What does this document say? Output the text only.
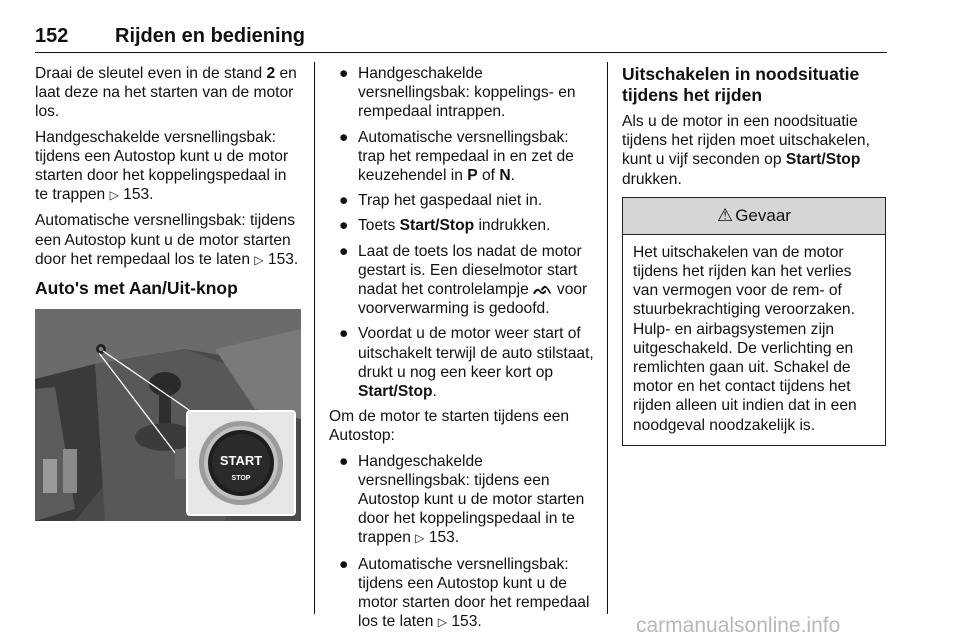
152 Rijden en bediening

Draai de sleutel even in de stand 2 en laat deze na het starten van de motor los.

Handgeschakelde versnellingsbak: tijdens een Autostop kunt u de motor starten door het koppelingspedaal in te trappen ▷ 153.

Automatische versnellingsbak: tijdens een Autostop kunt u de motor starten door het rempedaal los te laten ▷ 153.

Auto's met Aan/Uit-knop
START
STOP
● Handgeschakelde versnellingsbak: koppelings- en rempedaal intrappen.
● Automatische versnellingsbak: trap het rempedaal in en zet de keuzehendel in P of N.
● Trap het gaspedaal niet in.
● Toets Start/Stop indrukken.
● Laat de toets los nadat de motor gestart is. Een dieselmotor start nadat het controlelampje ᨒ voor voorverwarming is gedoofd.
● Voordat u de motor weer start of uitschakelt terwijl de auto stilstaat, drukt u nog een keer kort op Start/Stop.

Om de motor te starten tijdens een Autostop:

● Handgeschakelde versnellingsbak: tijdens een Autostop kunt u de motor starten door het koppelingspedaal in te trappen ▷ 153.
● Automatische versnellingsbak: tijdens een Autostop kunt u de motor starten door het rempedaal los te laten ▷ 153.
Uitschakelen in noodsituatie tijdens het rijden

Als u de motor in een noodsituatie tijdens het rijden moet uitschakelen, kunt u vijf seconden op Start/Stop drukken.

⚠ Gevaar
Het uitschakelen van de motor tijdens het rijden kan het verlies van vermogen voor de rem- of stuurbekrachtiging veroorzaken. Hulp- en airbagsystemen zijn uitgeschakeld. De verlichting en remlichten gaan uit. Schakel de motor en het contact tijdens het rijden alleen uit indien dat in een noodgeval noodzakelijk is.
carmanualsonline.info
